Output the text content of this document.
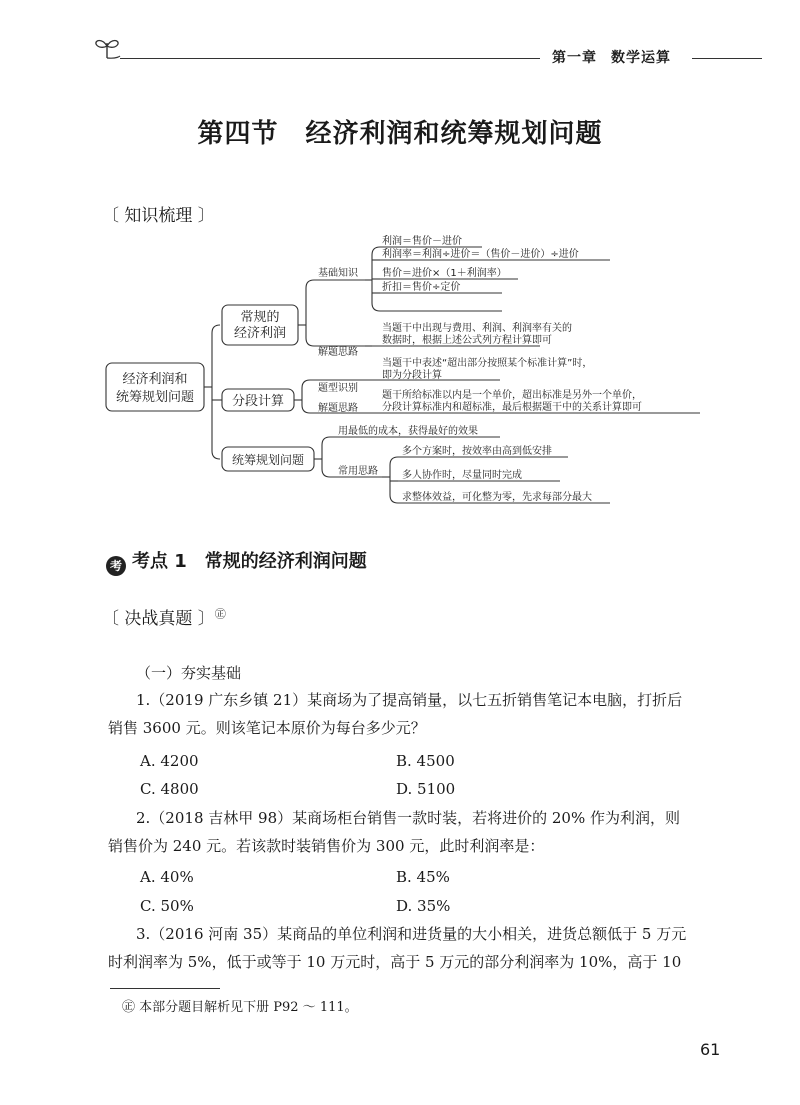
第一章 数学运算
第四节　经济利润和统筹规划问题
〔 知识梳理 〕
经济利润和
统筹规划问题
常规的
经济利润
基础知识
利润＝售价－进价
利润率＝利润÷进价＝（售价－进价）÷进价
售价＝进价×（1＋利润率）
折扣＝售价÷定价
解题思路
当题干中出现与费用、利润、利润率有关的
数据时，根据上述公式列方程计算即可
分段计算
题型识别
当题干中表述“超出部分按照某个标准计算”时，
即为分段计算
解题思路
题干所给标准以内是一个单价，超出标准是另外一个单价，
分段计算标准内和超标准，最后根据题干中的关系计算即可
统筹规划问题
用最低的成本，获得最好的效果
常用思路
多个方案时，按效率由高到低安排
多人协作时，尽量同时完成
求整体效益，可化整为零，先求每部分最大
考 考点 1　常规的经济利润问题
〔 决战真题 〕㊣
（一）夯实基础
1.（2019 广东乡镇 21）某商场为了提高销量，以七五折销售笔记本电脑，打折后
销售 3600 元。则该笔记本原价为每台多少元？
A. 4200	B. 4500
C. 4800	D. 5100
2.（2018 吉林甲 98）某商场柜台销售一款时装，若将进价的 20% 作为利润，则
销售价为 240 元。若该款时装销售价为 300 元，此时利润率是：
A. 40%	B. 45%
C. 50%	D. 35%
3.（2016 河南 35）某商品的单位利润和进货量的大小相关，进货总额低于 5 万元
时利润率为 5%，低于或等于 10 万元时，高于 5 万元的部分利润率为 10%，高于 10
㊣ 本部分题目解析见下册 P92 ～ 111。
61
